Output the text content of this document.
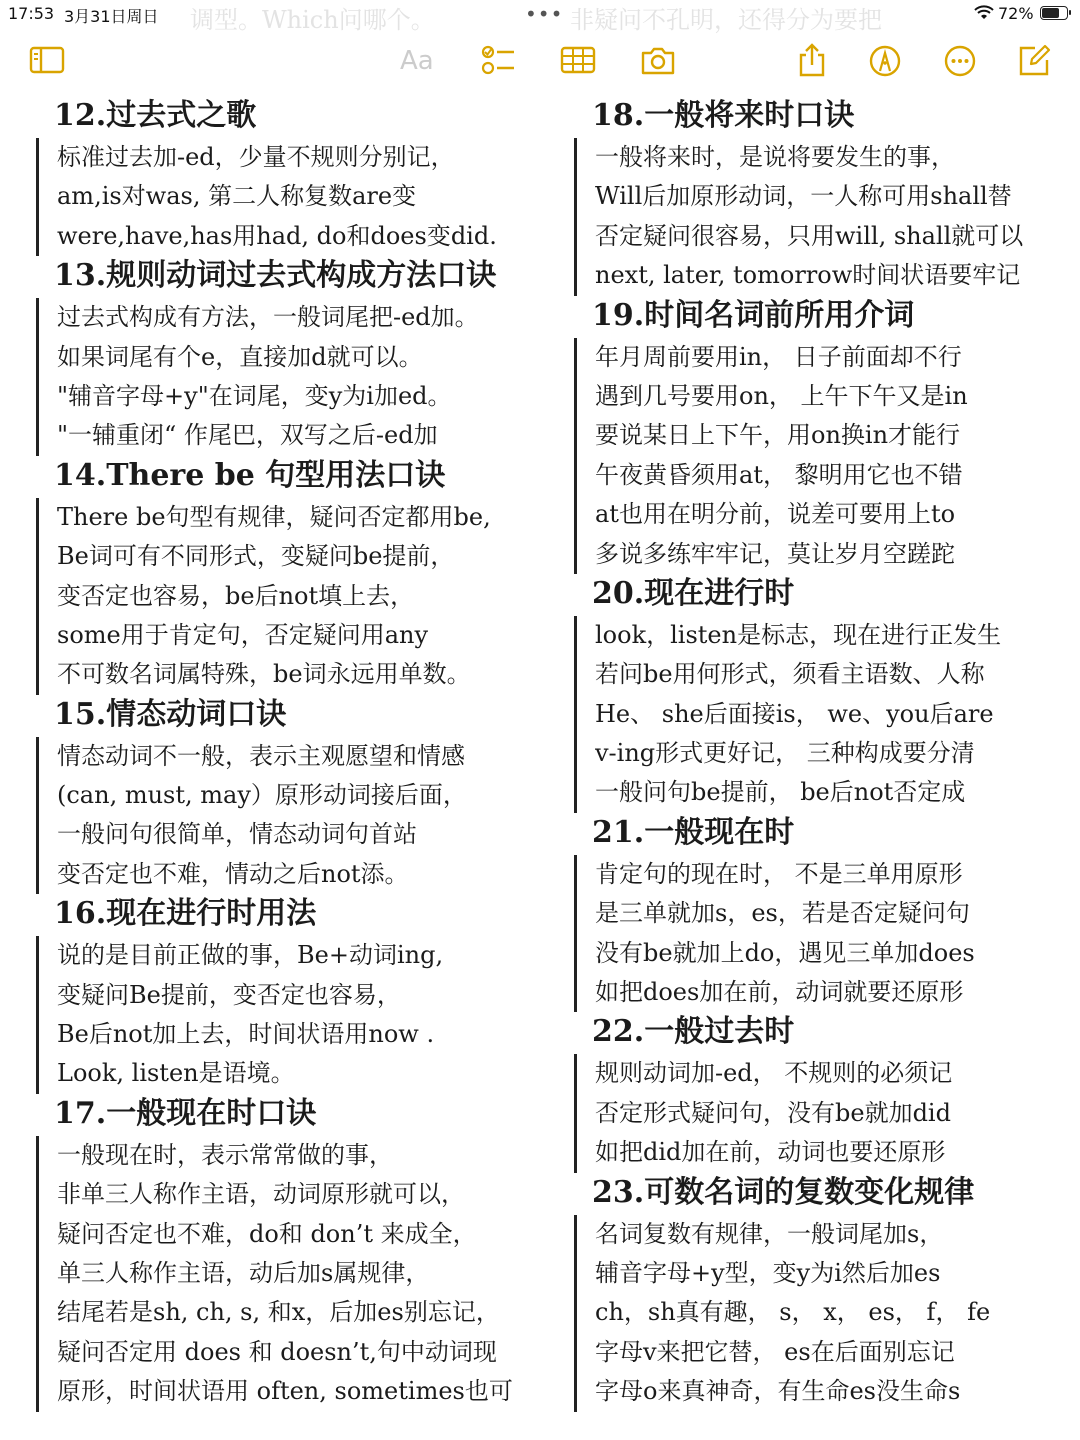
17:53 3月31日周日	•••	72%
调型。Which问哪个。	非疑问不孔明，还得分为要把
Aa
12.过去式之歌
标准过去加-ed，少量不规则分别记，
am,is对was, 第二人称复数are变
were,have,has用had, do和does变did.
13.规则动词过去式构成方法口诀
过去式构成有方法，一般词尾把-ed加。
如果词尾有个e，直接加d就可以。
"辅音字母+y"在词尾，变y为i加ed。
"一辅重闭“ 作尾巴，双写之后-ed加
14.There be 句型用法口诀
There be句型有规律，疑问否定都用be,
Be词可有不同形式，变疑问be提前，
变否定也容易，be后not填上去，
some用于肯定句，否定疑问用any
不可数名词属特殊，be词永远用单数。
15.情态动词口诀
情态动词不一般，表示主观愿望和情感
(can, must, may）原形动词接后面，
一般问句很简单，情态动词句首站
变否定也不难，情动之后not添。
16.现在进行时用法
说的是目前正做的事，Be+动词ing,
变疑问Be提前，变否定也容易，
Be后not加上去，时间状语用now .
Look, listen是语境。
17.一般现在时口诀
一般现在时，表示常常做的事，
非单三人称作主语，动词原形就可以，
疑问否定也不难，do和 don’t 来成全，
单三人称作主语，动后加s属规律，
结尾若是sh, ch, s, 和x，后加es别忘记，
疑问否定用 does 和 doesn’t,句中动词现
原形，时间状语用 often, sometimes也可
18.一般将来时口诀
一般将来时，是说将要发生的事，
Will后加原形动词，一人称可用shall替
否定疑问很容易，只用will, shall就可以
next, later, tomorrow时间状语要牢记
19.时间名词前所用介词
年月周前要用in， 日子前面却不行
遇到几号要用on， 上午下午又是in
要说某日上下午，用on换in才能行
午夜黄昏须用at， 黎明用它也不错
at也用在明分前，说差可要用上to
多说多练牢牢记，莫让岁月空蹉跎
20.现在进行时
look，listen是标志，现在进行正发生
若问be用何形式，须看主语数、人称
He、 she后面接is， we、you后are
v-ing形式更好记， 三种构成要分清
一般问句be提前， be后not否定成
21.一般现在时
肯定句的现在时， 不是三单用原形
是三单就加s，es，若是否定疑问句
没有be就加上do，遇见三单加does
如把does加在前，动词就要还原形
22.一般过去时
规则动词加-ed， 不规则的必须记
否定形式疑问句，没有be就加did
如把did加在前，动词也要还原形
23.可数名词的复数变化规律
名词复数有规律，一般词尾加s，
辅音字母+y型，变y为i然后加es
ch，sh真有趣， s， x， es， f， fe
字母v来把它替， es在后面别忘记
字母o来真神奇，有生命es没生命s
